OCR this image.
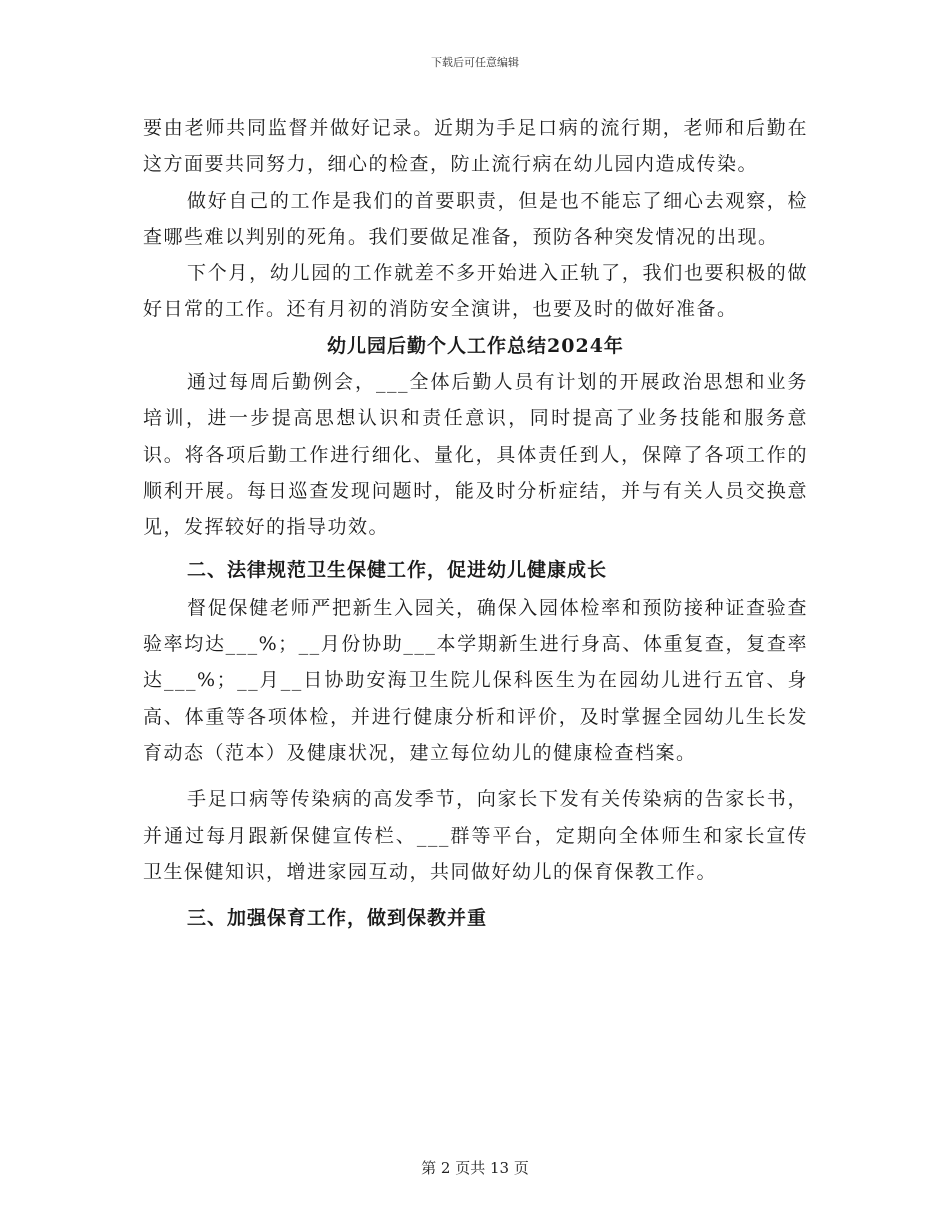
下载后可任意编辑

要由老师共同监督并做好记录。近期为手足口病的流行期，老师和后勤在这方面要共同努力，细心的检查，防止流行病在幼儿园内造成传染。

做好自己的工作是我们的首要职责，但是也不能忘了细心去观察，检查哪些难以判别的死角。我们要做足准备，预防各种突发情况的出现。

下个月，幼儿园的工作就差不多开始进入正轨了，我们也要积极的做好日常的工作。还有月初的消防安全演讲，也要及时的做好准备。

幼儿园后勤个人工作总结2024年

通过每周后勤例会，___全体后勤人员有计划的开展政治思想和业务培训，进一步提高思想认识和责任意识，同时提高了业务技能和服务意识。将各项后勤工作进行细化、量化，具体责任到人，保障了各项工作的顺利开展。每日巡查发现问题时，能及时分析症结，并与有关人员交换意见，发挥较好的指导功效。

二、法律规范卫生保健工作，促进幼儿健康成长

督促保健老师严把新生入园关，确保入园体检率和预防接种证查验查验率均达___%；__月份协助___本学期新生进行身高、体重复查，复查率达___%；__月__日协助安海卫生院儿保科医生为在园幼儿进行五官、身高、体重等各项体检，并进行健康分析和评价，及时掌握全园幼儿生长发育动态（范本）及健康状况，建立每位幼儿的健康检查档案。

手足口病等传染病的高发季节，向家长下发有关传染病的告家长书，并通过每月跟新保健宣传栏、___群等平台，定期向全体师生和家长宣传卫生保健知识，增进家园互动，共同做好幼儿的保育保教工作。

三、加强保育工作，做到保教并重

第 2 页共 13 页
